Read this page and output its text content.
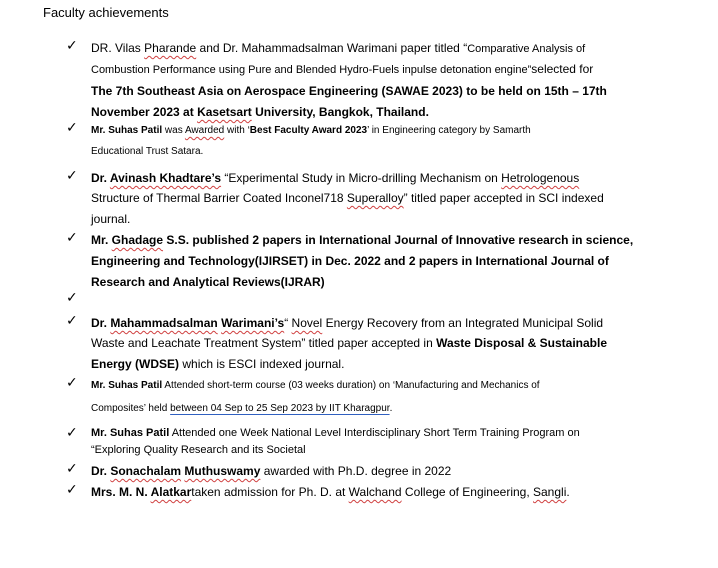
Faculty achievements
✓ DR. Vilas Pharande and Dr. Mahammadsalman Warimani paper titled “Comparative Analysis of
Combustion Performance using Pure and Blended Hydro-Fuels inpulse detonation engine”selected for
The 7th Southeast Asia on Aerospace Engineering (SAWAE 2023) to be held on 15th – 17th
November 2023 at Kasetsart University, Bangkok, Thailand.
✓ Mr. Suhas Patil was Awarded with ‘Best Faculty Award 2023’ in Engineering category by Samarth
Educational Trust Satara.
✓ Dr. Avinash Khadtare’s “Experimental Study in Micro-drilling Mechanism on Hetrologenous
Structure of Thermal Barrier Coated Inconel718 Superalloy” titled paper accepted in SCI indexed
journal.
✓ Mr. Ghadage S.S. published 2 papers in International Journal of Innovative research in science,
Engineering and Technology(IJIRSET) in Dec. 2022 and 2 papers in International Journal of
Research and Analytical Reviews(IJRAR)
✓
✓ Dr. Mahammadsalman Warimani’s“ Novel Energy Recovery from an Integrated Municipal Solid
Waste and Leachate Treatment System” titled paper accepted in Waste Disposal & Sustainable
Energy (WDSE) which is ESCI indexed journal.
✓ Mr. Suhas Patil Attended short-term course (03 weeks duration) on ‘Manufacturing and Mechanics of
Composites’ held between 04 Sep to 25 Sep 2023 by IIT Kharagpur.
✓ Mr. Suhas Patil Attended one Week National Level Interdisciplinary Short Term Training Program on
“Exploring Quality Research and its Societal
✓ Dr. Sonachalam Muthuswamy awarded with Ph.D. degree in 2022
✓ Mrs. M. N. Alatkartaken admission for Ph. D. at Walchand College of Engineering, Sangli.
